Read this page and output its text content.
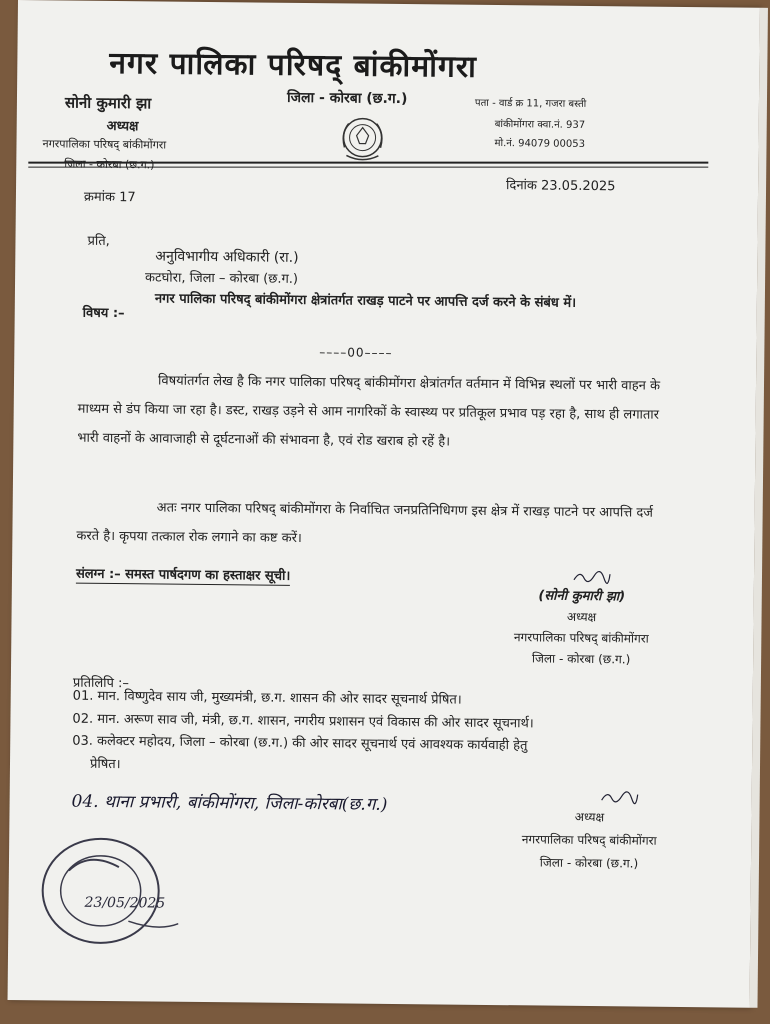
नगर पालिका परिषद् बांकीमोंगरा
सोनी कुमारी झा
अध्यक्ष
नगरपालिका परिषद् बांकीमोंगरा
जिला - कोरबा (छ.ग.)
जिला - कोरबा (छ.ग.)	पता - वार्ड क्र 11, गजरा बस्ती
बांकीमोंगरा क्वा.नं. 937
मो.नं. 94079 00053
क्रमांक 17
दिनांक 23.05.2025
प्रति,
अनुविभागीय अधिकारी (रा.)
कटघोरा, जिला – कोरबा (छ.ग.)
विषय :–
नगर पालिका परिषद् बांकीमोंगरा क्षेत्रांतर्गत राखड़ पाटने पर आपत्ति दर्ज करने के संबंध में।
––––00––––
विषयांतर्गत लेख है कि नगर पालिका परिषद् बांकीमोंगरा क्षेत्रांतर्गत वर्तमान में विभिन्न स्थलों पर भारी वाहन के माध्यम से डंप किया जा रहा है। डस्ट, राखड़ उड़ने से आम नागरिकों के स्वास्थ्य पर प्रतिकूल प्रभाव पड़ रहा है, साथ ही लगातार भारी वाहनों के आवाजाही से दूर्घटनाओं की संभावना है, एवं रोड खराब हो रहें है।
अतः नगर पालिका परिषद् बांकीमोंगरा के निर्वाचित जनप्रतिनिधिगण इस क्षेत्र में राखड़ पाटने पर आपत्ति दर्ज करते है। कृपया तत्काल रोक लगाने का कष्ट करें।
संलग्न :– समस्त पार्षदगण का हस्ताक्षर सूची।
(सोनी कुमारी झा)
अध्यक्ष
नगरपालिका परिषद् बांकीमोंगरा
जिला - कोरबा (छ.ग.)
प्रतिलिपि :–
01. मान. विष्णुदेव साय जी, मुख्यमंत्री, छ.ग. शासन की ओर सादर सूचनार्थ प्रेषित।
02. मान. अरूण साव जी, मंत्री, छ.ग. शासन, नगरीय प्रशासन एवं विकास की ओर सादर सूचनार्थ।
03. कलेक्टर महोदय, जिला – कोरबा (छ.ग.) की ओर सादर सूचनार्थ एवं आवश्यक कार्यवाही हेतु
प्रेषित।
04. थाना प्रभारी, बांकीमोंगरा, जिला-कोरबा(छ.ग.)
अध्यक्ष
नगरपालिका परिषद् बांकीमोंगरा
जिला - कोरबा (छ.ग.)
23/05/2025
